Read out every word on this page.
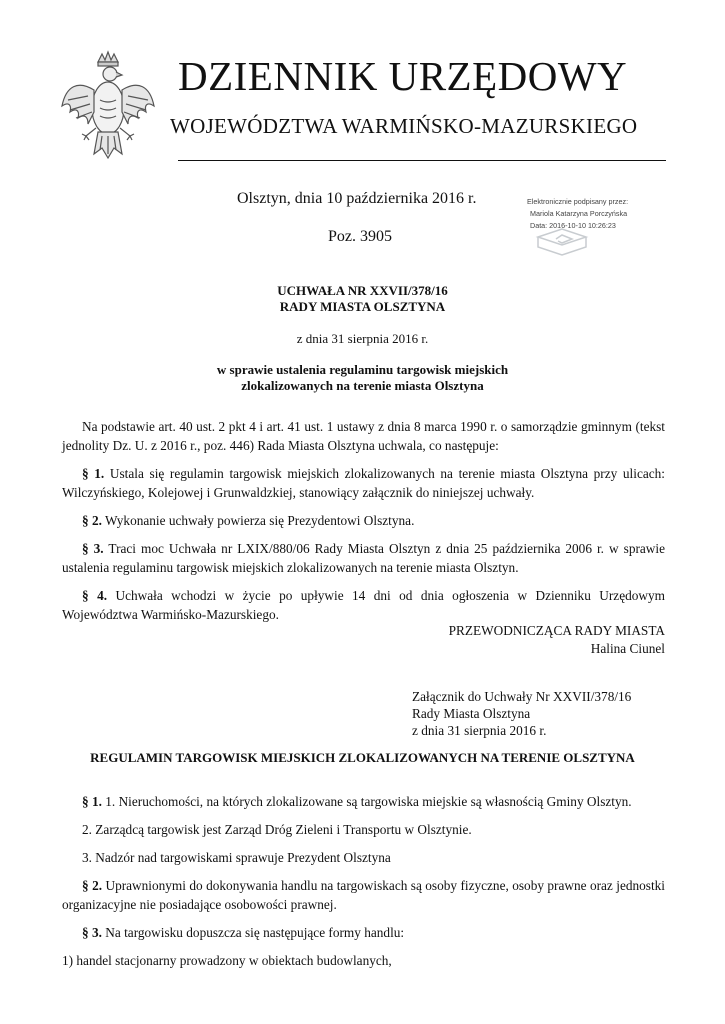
DZIENNIK URZĘDOWY
WOJEWÓDZTWA WARMIŃSKO-MAZURSKIEGO
Olsztyn, dnia 10 października 2016 r.
Poz. 3905
Elektronicznie podpisany przez:
Mariola Katarzyna Porczyńska
Data: 2016-10-10 10:26:23
UCHWAŁA NR XXVII/378/16
RADY MIASTA OLSZTYNA
z dnia 31 sierpnia 2016 r.
w sprawie ustalenia regulaminu targowisk miejskich
zlokalizowanych na terenie miasta Olsztyna

Na podstawie art. 40 ust. 2 pkt 4 i art. 41 ust. 1 ustawy z dnia 8 marca 1990 r. o samorządzie gminnym (tekst jednolity Dz. U. z 2016 r., poz. 446) Rada Miasta Olsztyna uchwala, co następuje:

§ 1. Ustala się regulamin targowisk miejskich zlokalizowanych na terenie miasta Olsztyna przy ulicach: Wilczyńskiego, Kolejowej i Grunwaldzkiej, stanowiący załącznik do niniejszej uchwały.

§ 2. Wykonanie uchwały powierza się Prezydentowi Olsztyna.

§ 3. Traci moc Uchwała nr LXIX/880/06 Rady Miasta Olsztyn z dnia 25 października 2006 r. w sprawie ustalenia regulaminu targowisk miejskich zlokalizowanych na terenie miasta Olsztyn.

§ 4. Uchwała wchodzi w życie po upływie 14 dni od dnia ogłoszenia w Dzienniku Urzędowym Województwa Warmińsko-Mazurskiego.

PRZEWODNICZĄCA RADY MIASTA
Halina Ciunel
Załącznik do Uchwały Nr XXVII/378/16
Rady Miasta Olsztyna
z dnia 31 sierpnia 2016 r.
REGULAMIN TARGOWISK MIEJSKICH ZLOKALIZOWANYCH NA TERENIE OLSZTYNA

§ 1. 1. Nieruchomości, na których zlokalizowane są targowiska miejskie są własnością Gminy Olsztyn.

2. Zarządcą targowisk jest Zarząd Dróg Zieleni i Transportu w Olsztynie.

3. Nadzór nad targowiskami sprawuje Prezydent Olsztyna

§ 2. Uprawnionymi do dokonywania handlu na targowiskach są osoby fizyczne, osoby prawne oraz jednostki organizacyjne nie posiadające osobowości prawnej.

§ 3. Na targowisku dopuszcza się następujące formy handlu:

1) handel stacjonarny prowadzony w obiektach budowlanych,
